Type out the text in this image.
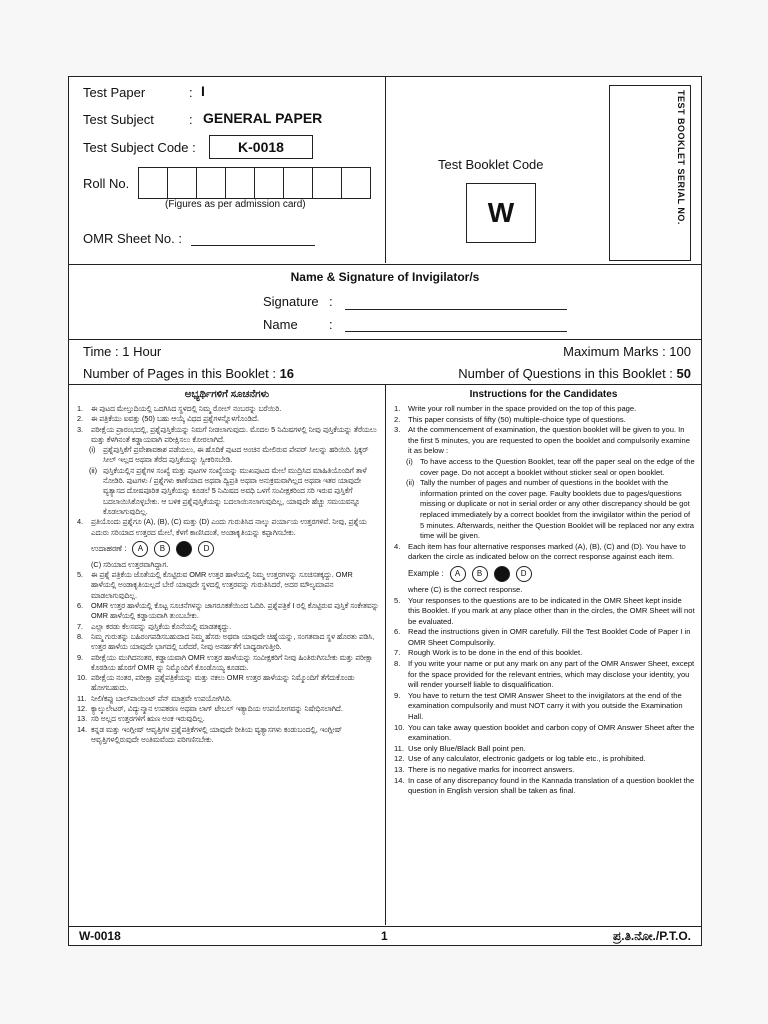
Test Paper	: I
Test Subject	: GENERAL PAPER
Test Subject Code :	K-0018
Roll No.
(Figures as per admission card)
OMR Sheet No. :
Test Booklet Code
W	TEST BOOKLET SERIAL NO.
Name & Signature of Invigilator/s
Signature :
Name :
Time : 1 Hour	Maximum Marks : 100
Number of Pages in this Booklet : 16	Number of Questions in this Booklet : 50
ಅಭ್ಯರ್ಥಿಗಳಿಗೆ ಸೂಚನೆಗಳು
1.	ಈ ಪುಟದ ಮೇಲ್ತುದಿಯಲ್ಲಿ ಒದಗಿಸಿದ ಸ್ಥಳದಲ್ಲಿ ನಿಮ್ಮ ರೋಲ್ ನಂಬರನ್ನು ಬರೆಯಿರಿ.
2.	ಈ ಪತ್ರಿಕೆಯು ಐವತ್ತು (50) ಬಹು ಆಯ್ಕೆ ವಿಧದ ಪ್ರಶ್ನೆಗಳನ್ನೊಳಗೊಂಡಿದೆ.
3.	ಪರೀಕ್ಷೆಯ ಪ್ರಾರಂಭದಲ್ಲಿ, ಪ್ರಶ್ನೆಪುಸ್ತಿಕೆಯನ್ನು ನಿಮಗೆ ನೀಡಲಾಗುವುದು. ಮೊದಲ 5 ನಿಮಿಷಗಳಲ್ಲಿ ನೀವು ಪುಸ್ತಿಕೆಯನ್ನು ತೆರೆಯಲು ಮತ್ತು ಕೆಳಗಿನಂತೆ ಕಡ್ಡಾಯವಾಗಿ ಪರೀಕ್ಷಿಸಲು ಕೋರಲಾಗಿದೆ.
(i)	ಪ್ರಶ್ನೆಪುಸ್ತಿಕೆಗೆ ಪ್ರವೇಶಾವಕಾಶ ಪಡೆಯಲು, ಈ ಹೊದಿಕೆ ಪುಟದ ಅಂಚಿನ ಮೇಲಿರುವ ಪೇಪರ್ ಸೀಲನ್ನು ಹರಿಯಿರಿ. ಸ್ಟಿಕ್ಕರ್ ಸೀಲ್ ಇಲ್ಲದ ಅಥವಾ ತೆರೆದ ಪುಸ್ತಿಕೆಯನ್ನು ಸ್ವೀಕರಿಸಬೇಡಿ.
(ii) ಪುಸ್ತಿಕೆಯಲ್ಲಿನ ಪ್ರಶ್ನೆಗಳ ಸಂಖ್ಯೆ ಮತ್ತು ಪುಟಗಳ ಸಂಖ್ಯೆಯನ್ನು ಮುಖಪುಟದ ಮೇಲೆ ಮುದ್ರಿಸಿದ ಮಾಹಿತಿಯೊಂದಿಗೆ ತಾಳೆ ನೋಡಿರಿ. ಪುಟಗಳು / ಪ್ರಶ್ನೆಗಳು ಕಾಣೆಯಾದ ಅಥವಾ ದ್ವಿಪ್ರತಿ ಅಥವಾ ಅನುಕ್ರಮವಾಗಿಲ್ಲದ ಅಥವಾ ಇತರ ಯಾವುದೇ ವ್ಯತ್ಯಾಸದ ದೋಷಪೂರಿತ ಪುಸ್ತಿಕೆಯನ್ನು ಕೂಡಲೆ 5 ನಿಮಿಷದ ಅವಧಿ ಒಳಗೆ ಸಂವೀಕ್ಷಕರಿಂದ ಸರಿ ಇರುವ ಪುಸ್ತಿಕೆಗೆ ಬದಲಾಯಿಸಿಕೊಳ್ಳಬೇಕು. ಆ ಬಳಿಕ ಪ್ರಶ್ನೆಪುಸ್ತಿಕೆಯನ್ನು ಬದಲಾಯಿಸಲಾಗುವುದಿಲ್ಲ, ಯಾವುದೇ ಹೆಚ್ಚು ಸಮಯವನ್ನೂ ಕೊಡಲಾಗುವುದಿಲ್ಲ.
4.	ಪ್ರತಿಯೊಂದು ಪ್ರಶ್ನೆಗೂ (A), (B), (C) ಮತ್ತು (D) ಎಂದು ಗುರುತಿಸಿದ ನಾಲ್ಕು ಪರ್ಯಾಯ ಉತ್ತರಗಳಿವೆ. ನೀವು, ಪ್ರಶ್ನೆಯ ಎದುರು ಸರಿಯಾದ ಉತ್ತರದ ಮೇಲೆ, ಕೆಳಗೆ ಕಾಣಿಸಿದಂತೆ, ಅಂಡಾಕೃತಿಯನ್ನು ಕಪ್ಪಾಗಿಸಬೇಕು.
ಉದಾಹರಣೆ :	A	B	D
(C) ಸರಿಯಾದ ಉತ್ತರವಾಗಿದ್ದಾಗ.
5.	ಈ ಪ್ರಶ್ನೆ ಪತ್ರಿಕೆಯ ಜೊತೆಯಲ್ಲಿ ಕೊಟ್ಟಿರುವ OMR ಉತ್ತರ ಹಾಳೆಯಲ್ಲಿ ನಿಮ್ಮ ಉತ್ತರಗಳನ್ನು ಸೂಚಿಸತಕ್ಕದ್ದು. OMR ಹಾಳೆಯಲ್ಲಿ ಅಂಡಾಕೃತಿಯಲ್ಲದೆ ಬೇರೆ ಯಾವುದೇ ಸ್ಥಳದಲ್ಲಿ ಉತ್ತರವನ್ನು ಗುರುತಿಸಿದರೆ, ಅದರ ಮೌಲ್ಯಮಾಪನ ಮಾಡಲಾಗುವುದಿಲ್ಲ.
6.	OMR ಉತ್ತರ ಹಾಳೆಯಲ್ಲಿ ಕೊಟ್ಟ ಸೂಚನೆಗಳನ್ನು ಜಾಗರೂಕತೆಯಿಂದ ಓದಿರಿ. ಪ್ರಶ್ನೆಪತ್ರಿಕೆ I ರಲ್ಲಿ ಕೊಟ್ಟಿರುವ ಪುಸ್ತಿಕೆ ಸಂಕೇತವನ್ನು OMR ಹಾಳೆಯಲ್ಲಿ ಕಡ್ಡಾಯವಾಗಿ ತುಂಬಬೇಕು.
7.	ಎಲ್ಲಾ ಕರಡು ಕೆಲಸವನ್ನು ಪುಸ್ತಿಕೆಯ ಕೊನೆಯಲ್ಲಿ ಮಾಡತಕ್ಕದ್ದು.
8.	ನಿಮ್ಮ ಗುರುತನ್ನು ಬಹಿರಂಗಪಡಿಸಬಹುದಾದ ನಿಮ್ಮ ಹೆಸರು ಅಥವಾ ಯಾವುದೇ ಚಿಹ್ನೆಯನ್ನು, ಸಂಗತವಾದ ಸ್ಥಳ ಹೊರತು ಪಡಿಸಿ, ಉತ್ತರ ಹಾಳೆಯ ಯಾವುದೇ ಭಾಗದಲ್ಲಿ ಬರೆದರೆ, ನೀವು ಅನರ್ಹತೆಗೆ ಬಾಧ್ಯರಾಗುತ್ತೀರಿ.
9.	ಪರೀಕ್ಷೆಯು ಮುಗಿದನಂತರ, ಕಡ್ಡಾಯವಾಗಿ OMR ಉತ್ತರ ಹಾಳೆಯನ್ನು ಸಂವೀಕ್ಷಕರಿಗೆ ನೀವು ಹಿಂತಿರುಗಿಸಬೇಕು ಮತ್ತು ಪರೀಕ್ಷಾ ಕೊಠಡಿಯ ಹೊರಗೆ OMR ನ್ನು ನಿಮ್ಮೊಂದಿಗೆ ಕೊಂಡೊಯ್ಯ ಕೂಡದು.
10. ಪರೀಕ್ಷೆಯ ನಂತರ, ಪರೀಕ್ಷಾ ಪ್ರಶ್ನೆಪತ್ರಿಕೆಯನ್ನು ಮತ್ತು ನಕಲು OMR ಉತ್ತರ ಹಾಳೆಯನ್ನು ನಿಮ್ಮೊಂದಿಗೆ ತೆಗೆದುಕೊಂಡು ಹೋಗಬಹುದು.
11. ನೀಲಿ/ಕಪ್ಪು ಬಾಲ್‌ಪಾಯಿಂಟ್ ಪೆನ್ ಮಾತ್ರವೇ ಉಪಯೋಗಿಸಿರಿ.
12. ಕ್ಯಾಲ್ಕುಲೇಟರ್, ವಿದ್ಯುನ್ಮಾನ ಉಪಕರಣ ಅಥವಾ ಲಾಗ್ ಟೇಬಲ್ ಇತ್ಯಾದಿಯ ಉಪಯೋಗವನ್ನು ನಿಷೇಧಿಸಲಾಗಿದೆ.
13. ಸರಿ ಅಲ್ಲದ ಉತ್ತರಗಳಿಗೆ ಋಣ ಅಂಕ ಇರುವುದಿಲ್ಲ.
14. ಕನ್ನಡ ಮತ್ತು ಇಂಗ್ಲೀಷ್ ಆವೃತ್ತಿಗಳ ಪ್ರಶ್ನೆಪತ್ರಿಕೆಗಳಲ್ಲಿ ಯಾವುದೇ ರೀತಿಯ ವ್ಯತ್ಯಾಸಗಳು ಕಂಡುಬಂದಲ್ಲಿ, ಇಂಗ್ಲೀಷ್ ಆವೃತ್ತಿಗಳಲ್ಲಿರುವುದೇ ಅಂತಿಮವೆಂದು ಪರಿಗಣಿಸಬೇಕು.
Instructions for the Candidates
1.	Write your roll number in the space provided on the top of this page.
2.	This paper consists of fifty (50) multiple-choice type of questions.
3.	At the commencement of examination, the question booklet will be given to you. In the first 5 minutes, you are requested to open the booklet and compulsorily examine it as below :
(i) To have access to the Question Booklet, tear off the paper seal on the edge of the cover page. Do not accept a booklet without sticker seal or open booklet.
(ii) Tally the number of pages and number of questions in the booklet with the information printed on the cover page. Faulty booklets due to pages/questions missing or duplicate or not in serial order or any other discrepancy should be got replaced immediately by a correct booklet from the invigilator within the period of 5 minutes. Afterwards, neither the Question Booklet will be replaced nor any extra time will be given.
4.	Each item has four alternative responses marked (A), (B), (C) and (D). You have to darken the circle as indicated below on the correct response against each item.
Example :	A	B	D
where (C) is the correct response.
5.	Your responses to the questions are to be indicated in the OMR Sheet kept inside this Booklet. If you mark at any place other than in the circles, the OMR Sheet will not be evaluated.
6.	Read the instructions given in OMR carefully. Fill the Test Booklet Code of Paper I in OMR Sheet Compulsorily.
7.	Rough Work is to be done in the end of this booklet.
8.	If you write your name or put any mark on any part of the OMR Answer Sheet, except for the space provided for the relevant entries, which may disclose your identity, you will render yourself liable to disqualification.
9.	You have to return the test OMR Answer Sheet to the invigilators at the end of the examination compulsorily and must NOT carry it with you outside the Examination Hall.
10. You can take away question booklet and carbon copy of OMR Answer Sheet after the examination.
11. Use only Blue/Black Ball point pen.
12. Use of any calculator, electronic gadgets or log table etc., is prohibited.
13. There is no negative marks for incorrect answers.
14. In case of any discrepancy found in the Kannada translation of a question booklet the question in English version shall be taken as final.
W-0018	1	ಪ್ರ.ತಿ.ನೋ./P.T.O.
